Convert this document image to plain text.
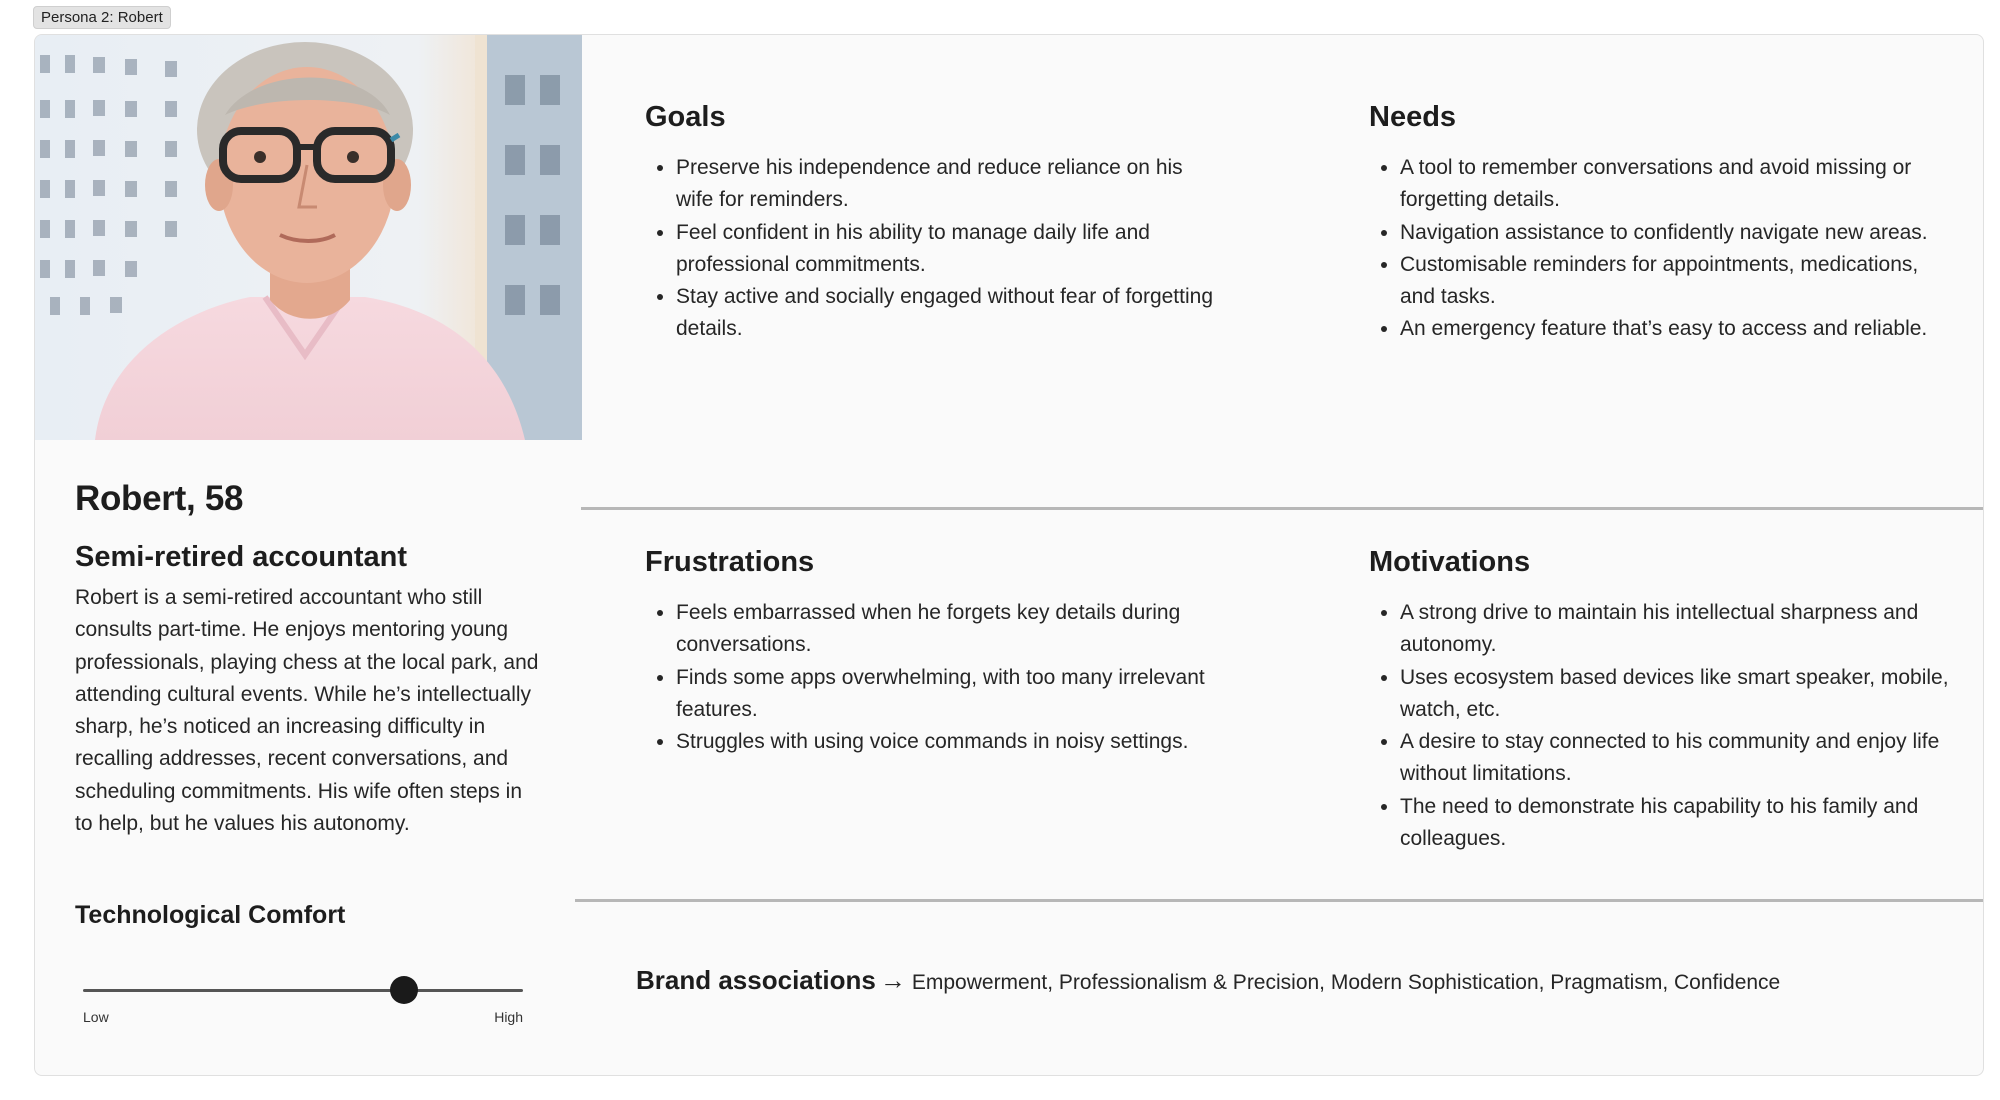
Persona 2: Robert
Robert, 58
Semi-retired accountant

Robert is a semi-retired accountant who still consults part-time. He enjoys mentoring young professionals, playing chess at the local park, and attending cultural events. While he’s intellectually sharp, he’s noticed an increasing difficulty in recalling addresses, recent conversations, and scheduling commitments. His wife often steps in to help, but he values his autonomy.

Technological Comfort
Low	High
Goals
• Preserve his independence and reduce reliance on his wife for reminders.
• Feel confident in his ability to manage daily life and professional commitments.
• Stay active and socially engaged without fear of forgetting details.
Needs
• A tool to remember conversations and avoid missing or forgetting details.
• Navigation assistance to confidently navigate new areas.
• Customisable reminders for appointments, medications, and tasks.
• An emergency feature that’s easy to access and reliable.
Frustrations
• Feels embarrassed when he forgets key details during conversations.
• Finds some apps overwhelming, with too many irrelevant features.
• Struggles with using voice commands in noisy settings.
Motivations
• A strong drive to maintain his intellectual sharpness and autonomy.
• Uses ecosystem based devices like smart speaker, mobile, watch, etc.
• A desire to stay connected to his community and enjoy life without limitations.
• The need to demonstrate his capability to his family and colleagues.
Brand associations → Empowerment, Professionalism & Precision, Modern Sophistication, Pragmatism, Confidence
